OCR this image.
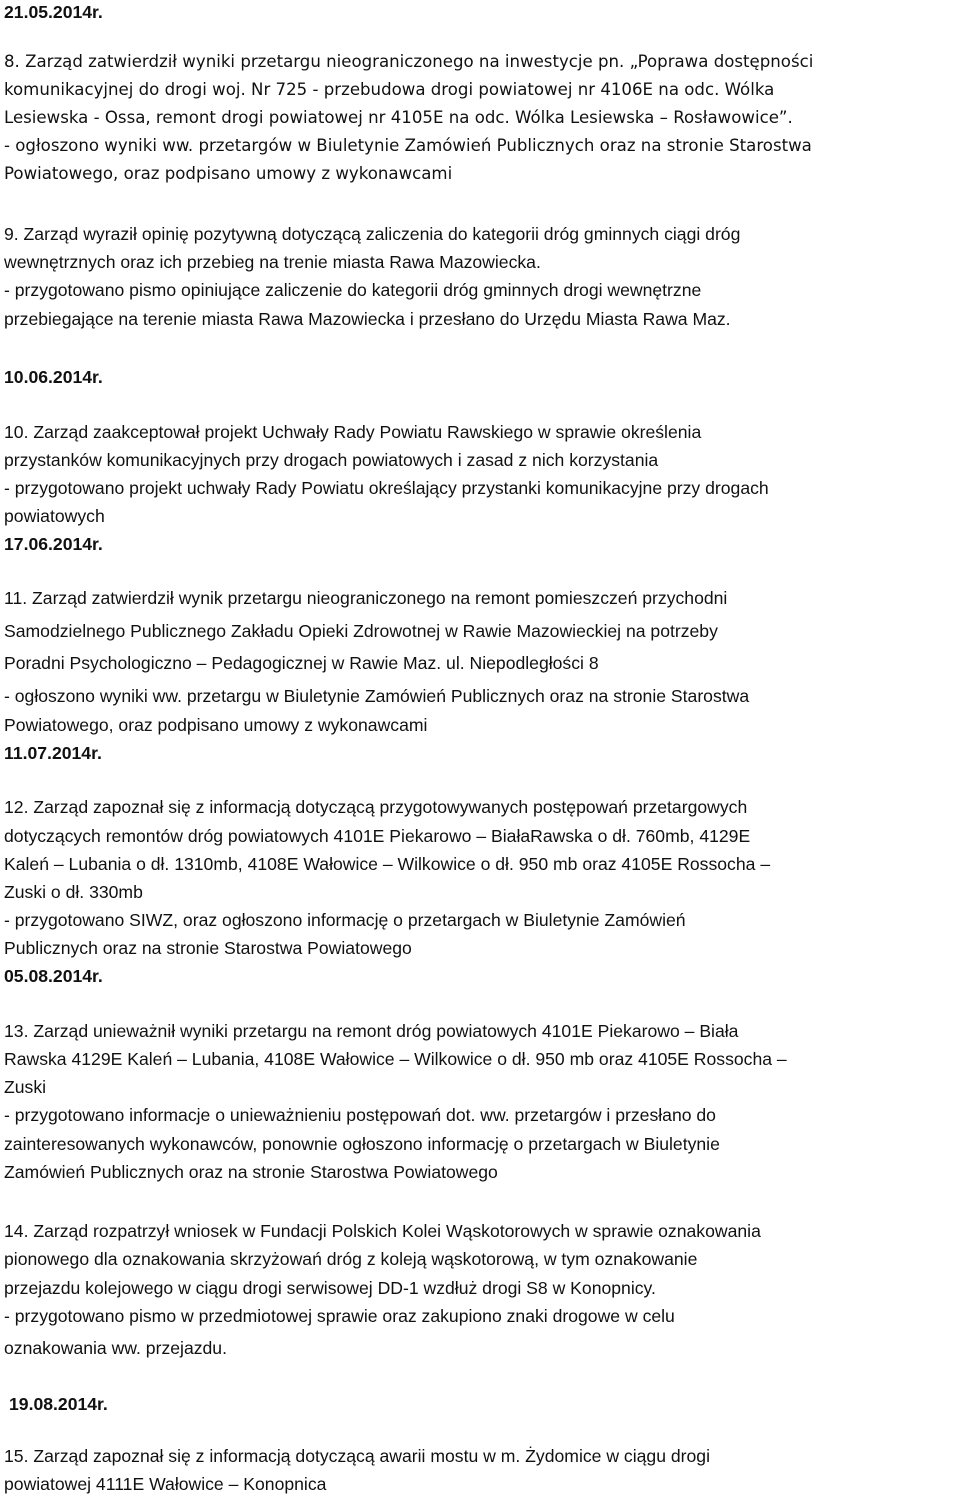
21.05.2014r.

8. Zarząd zatwierdził wyniki przetargu nieograniczonego na inwestycje pn. „Poprawa dostępności

komunikacyjnej do drogi woj. Nr 725 - przebudowa drogi powiatowej nr 4106E na odc. Wólka

Lesiewska - Ossa, remont drogi powiatowej nr 4105E na odc. Wólka Lesiewska – Rosławowice”.

- ogłoszono wyniki ww. przetargów w Biuletynie Zamówień Publicznych oraz na stronie Starostwa

Powiatowego, oraz podpisano umowy z wykonawcami

9. Zarząd wyraził opinię pozytywną dotyczącą zaliczenia do kategorii dróg gminnych ciągi dróg

wewnętrznych oraz ich przebieg na trenie miasta Rawa Mazowiecka.

- przygotowano pismo opiniujące zaliczenie do kategorii dróg gminnych drogi wewnętrzne

przebiegające na terenie miasta Rawa Mazowiecka i przesłano do Urzędu Miasta Rawa Maz.

10.06.2014r.

10. Zarząd zaakceptował projekt Uchwały Rady Powiatu Rawskiego w sprawie określenia

przystanków komunikacyjnych przy drogach powiatowych i zasad z nich korzystania

- przygotowano projekt uchwały Rady Powiatu określający przystanki komunikacyjne przy drogach

powiatowych

17.06.2014r.

11. Zarząd zatwierdził wynik przetargu nieograniczonego na remont pomieszczeń przychodni

Samodzielnego Publicznego Zakładu Opieki Zdrowotnej w Rawie Mazowieckiej na potrzeby

Poradni Psychologiczno – Pedagogicznej w Rawie Maz. ul. Niepodległości 8

- ogłoszono wyniki ww. przetargu w Biuletynie Zamówień Publicznych oraz na stronie Starostwa

Powiatowego, oraz podpisano umowy z wykonawcami

11.07.2014r.

12. Zarząd zapoznał się z informacją dotyczącą przygotowywanych postępowań przetargowych

dotyczących remontów dróg powiatowych 4101E Piekarowo – BiałaRawska o dł. 760mb, 4129E

Kaleń – Lubania o dł. 1310mb, 4108E Wałowice – Wilkowice o dł. 950 mb oraz 4105E Rossocha –

Zuski o dł. 330mb

- przygotowano SIWZ, oraz ogłoszono informację o przetargach w Biuletynie Zamówień

Publicznych oraz na stronie Starostwa Powiatowego

05.08.2014r.

13. Zarząd unieważnił wyniki przetargu na remont dróg powiatowych 4101E Piekarowo – Biała

Rawska 4129E Kaleń – Lubania, 4108E Wałowice – Wilkowice o dł. 950 mb oraz 4105E Rossocha –

Zuski

- przygotowano informacje o unieważnieniu postępowań dot. ww. przetargów i przesłano do

zainteresowanych wykonawców, ponownie ogłoszono informację o przetargach w Biuletynie

Zamówień Publicznych oraz na stronie Starostwa Powiatowego

14. Zarząd rozpatrzył wniosek w Fundacji Polskich Kolei Wąskotorowych w sprawie oznakowania

pionowego dla oznakowania skrzyżowań dróg z koleją wąskotorową, w tym oznakowanie

przejazdu kolejowego w ciągu drogi serwisowej DD-1 wzdłuż drogi S8 w Konopnicy.

- przygotowano pismo w przedmiotowej sprawie oraz zakupiono znaki drogowe w celu

oznakowania ww. przejazdu.

19.08.2014r.

15. Zarząd zapoznał się z informacją dotyczącą awarii mostu w m. Żydomice w ciągu drogi

powiatowej 4111E Wałowice – Konopnica
